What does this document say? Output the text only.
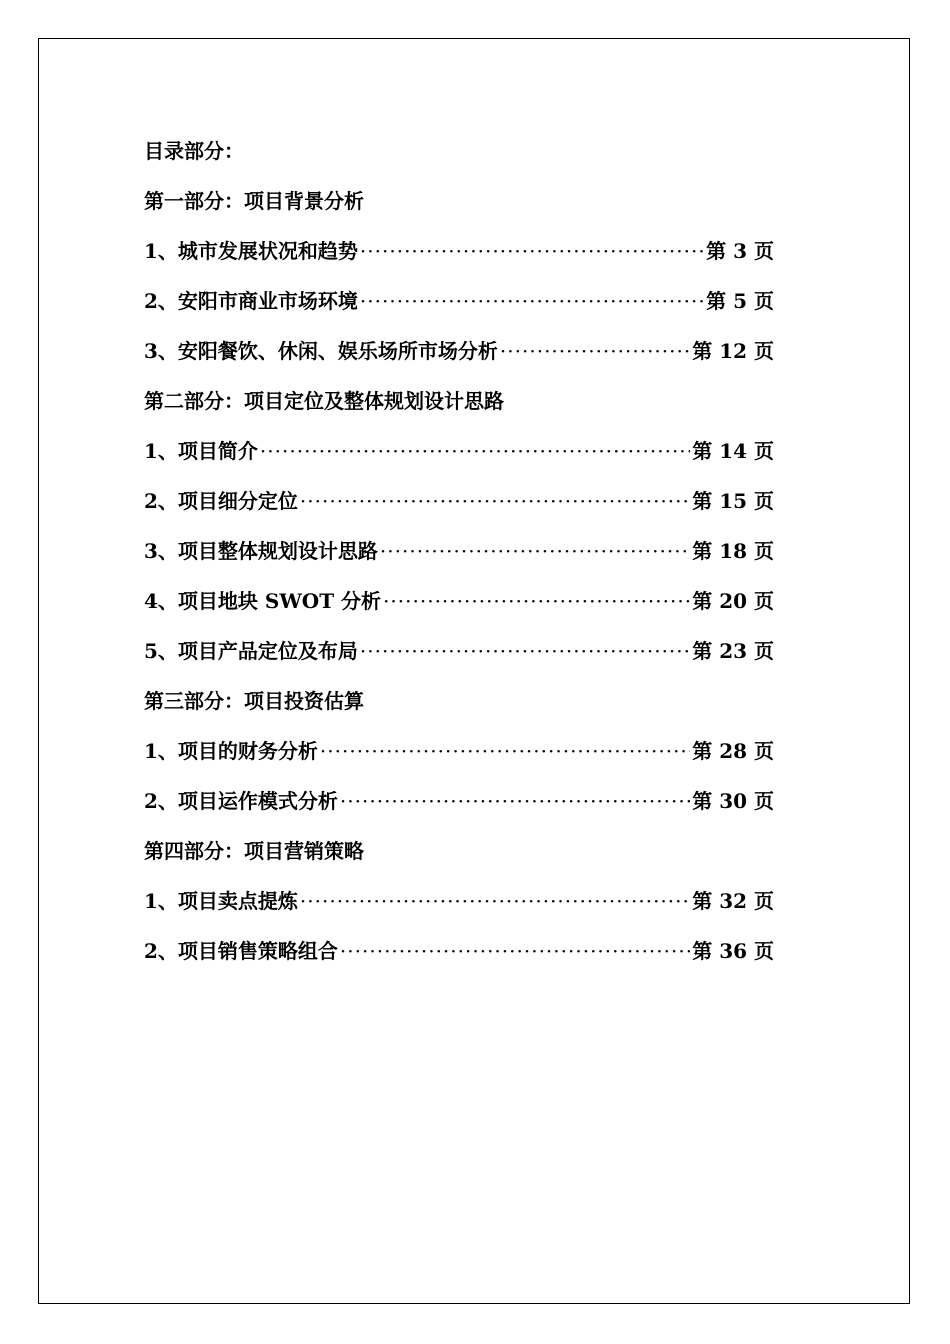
目录部分：
第一部分：项目背景分析
1、城市发展状况和趋势 ·····	第 3 页
2、安阳市商业市场环境 ·····	第 5 页
3、安阳餐饮、休闲、娱乐场所市场分析 ·····	第 12 页
第二部分：项目定位及整体规划设计思路
1、项目简介 ·····	第 14 页
2、项目细分定位 ·····	第 15 页
3、项目整体规划设计思路 ·····	第 18 页
4、项目地块 SWOT 分析 ·····	第 20 页
5、项目产品定位及布局 ·····	第 23 页
第三部分：项目投资估算
1、项目的财务分析 ·····	第 28 页
2、项目运作模式分析 ·····	第 30 页
第四部分：项目营销策略
1、项目卖点提炼 ·····	第 32 页
2、项目销售策略组合 ·····	第 36 页
